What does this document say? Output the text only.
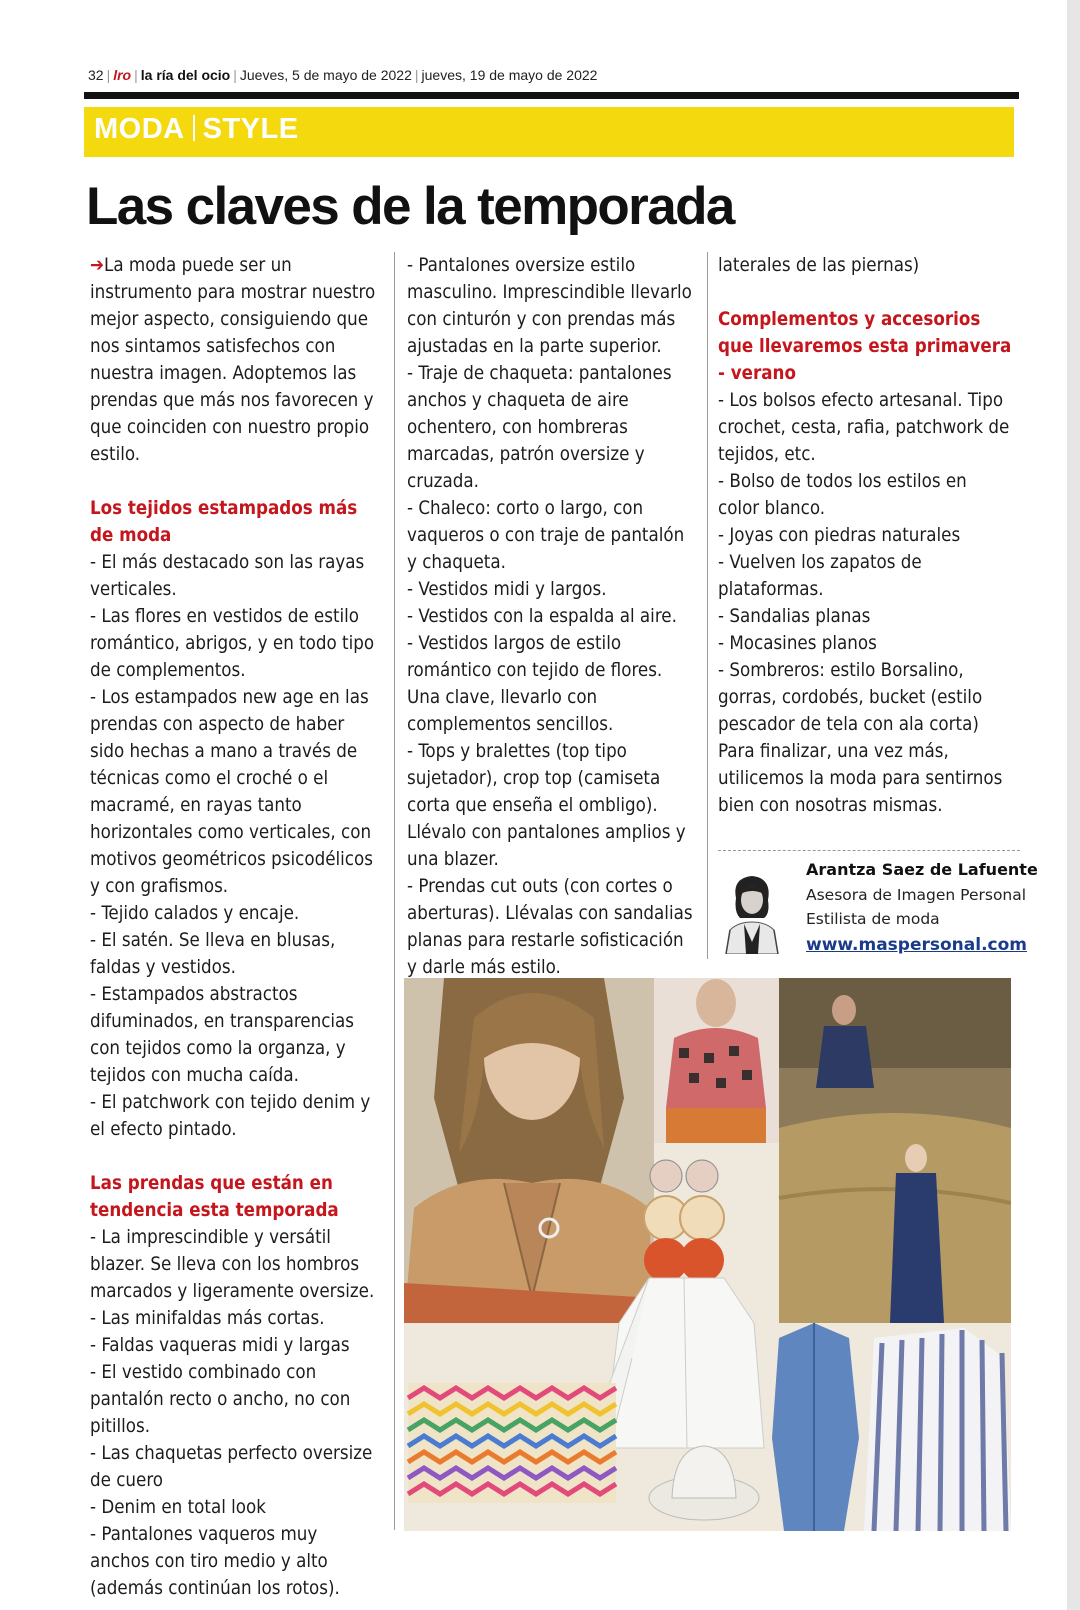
32 | lro | la ría del ocio | Jueves, 5 de mayo de 2022 | jueves, 19 de mayo de 2022
MODA STYLE
Las claves de la temporada

➔La moda puede ser un instrumento para mostrar nuestro mejor aspecto, consiguiendo que nos sintamos satisfechos con nuestra imagen. Adoptemos las prendas que más nos favorecen y que coinciden con nuestro propio estilo.

Los tejidos estampados más de moda

- El más destacado son las rayas verticales.

- Las flores en vestidos de estilo romántico, abrigos, y en todo tipo de complementos.

- Los estampados new age en las prendas con aspecto de haber sido hechas a mano a través de técnicas como el croché o el macramé, en rayas tanto horizontales como verticales, con motivos geométricos psicodélicos y con grafismos.

- Tejido calados y encaje.

- El satén. Se lleva en blusas, faldas y vestidos.

- Estampados abstractos difuminados, en transparencias con tejidos como la organza, y tejidos con mucha caída.

- El patchwork con tejido denim y el efecto pintado.

Las prendas que están en tendencia esta temporada

- La imprescindible y versátil blazer. Se lleva con los hombros marcados y ligeramente oversize.

- Las minifaldas más cortas.

- Faldas vaqueras midi y largas

- El vestido combinado con pantalón recto o ancho, no con pitillos.

- Las chaquetas perfecto oversize de cuero

- Denim en total look

- Pantalones vaqueros muy anchos con tiro medio y alto (además continúan los rotos).

- Pantalones oversize estilo masculino. Imprescindible llevarlo con cinturón y con prendas más ajustadas en la parte superior.

- Traje de chaqueta: pantalones anchos y chaqueta de aire ochentero, con hombreras marcadas, patrón oversize y cruzada.

- Chaleco: corto o largo, con vaqueros o con traje de pantalón y chaqueta.

- Vestidos midi y largos.

- Vestidos con la espalda al aire.

- Vestidos largos de estilo romántico con tejido de flores. Una clave, llevarlo con complementos sencillos.

- Tops y bralettes (top tipo sujetador), crop top (camiseta corta que enseña el ombligo). Llévalo con pantalones amplios y una blazer.

- Prendas cut outs (con cortes o aberturas). Llévalas con sandalias planas para restarle sofisticación y darle más estilo.

laterales de las piernas)

Complementos y accesorios que llevaremos esta primavera - verano

- Los bolsos efecto artesanal. Tipo crochet, cesta, rafia, patchwork de tejidos, etc.

- Bolso de todos los estilos en color blanco.

- Joyas con piedras naturales

- Vuelven los zapatos de plataformas.

- Sandalias planas

- Mocasines planos

- Sombreros: estilo Borsalino, gorras, cordobés, bucket (estilo pescador de tela con ala corta)

Para finalizar, una vez más, utilicemos la moda para sentirnos bien con nosotras mismas.

Arantza Saez de Lafuente
Asesora de Imagen Personal
Estilista de moda
www.maspersonal.com
